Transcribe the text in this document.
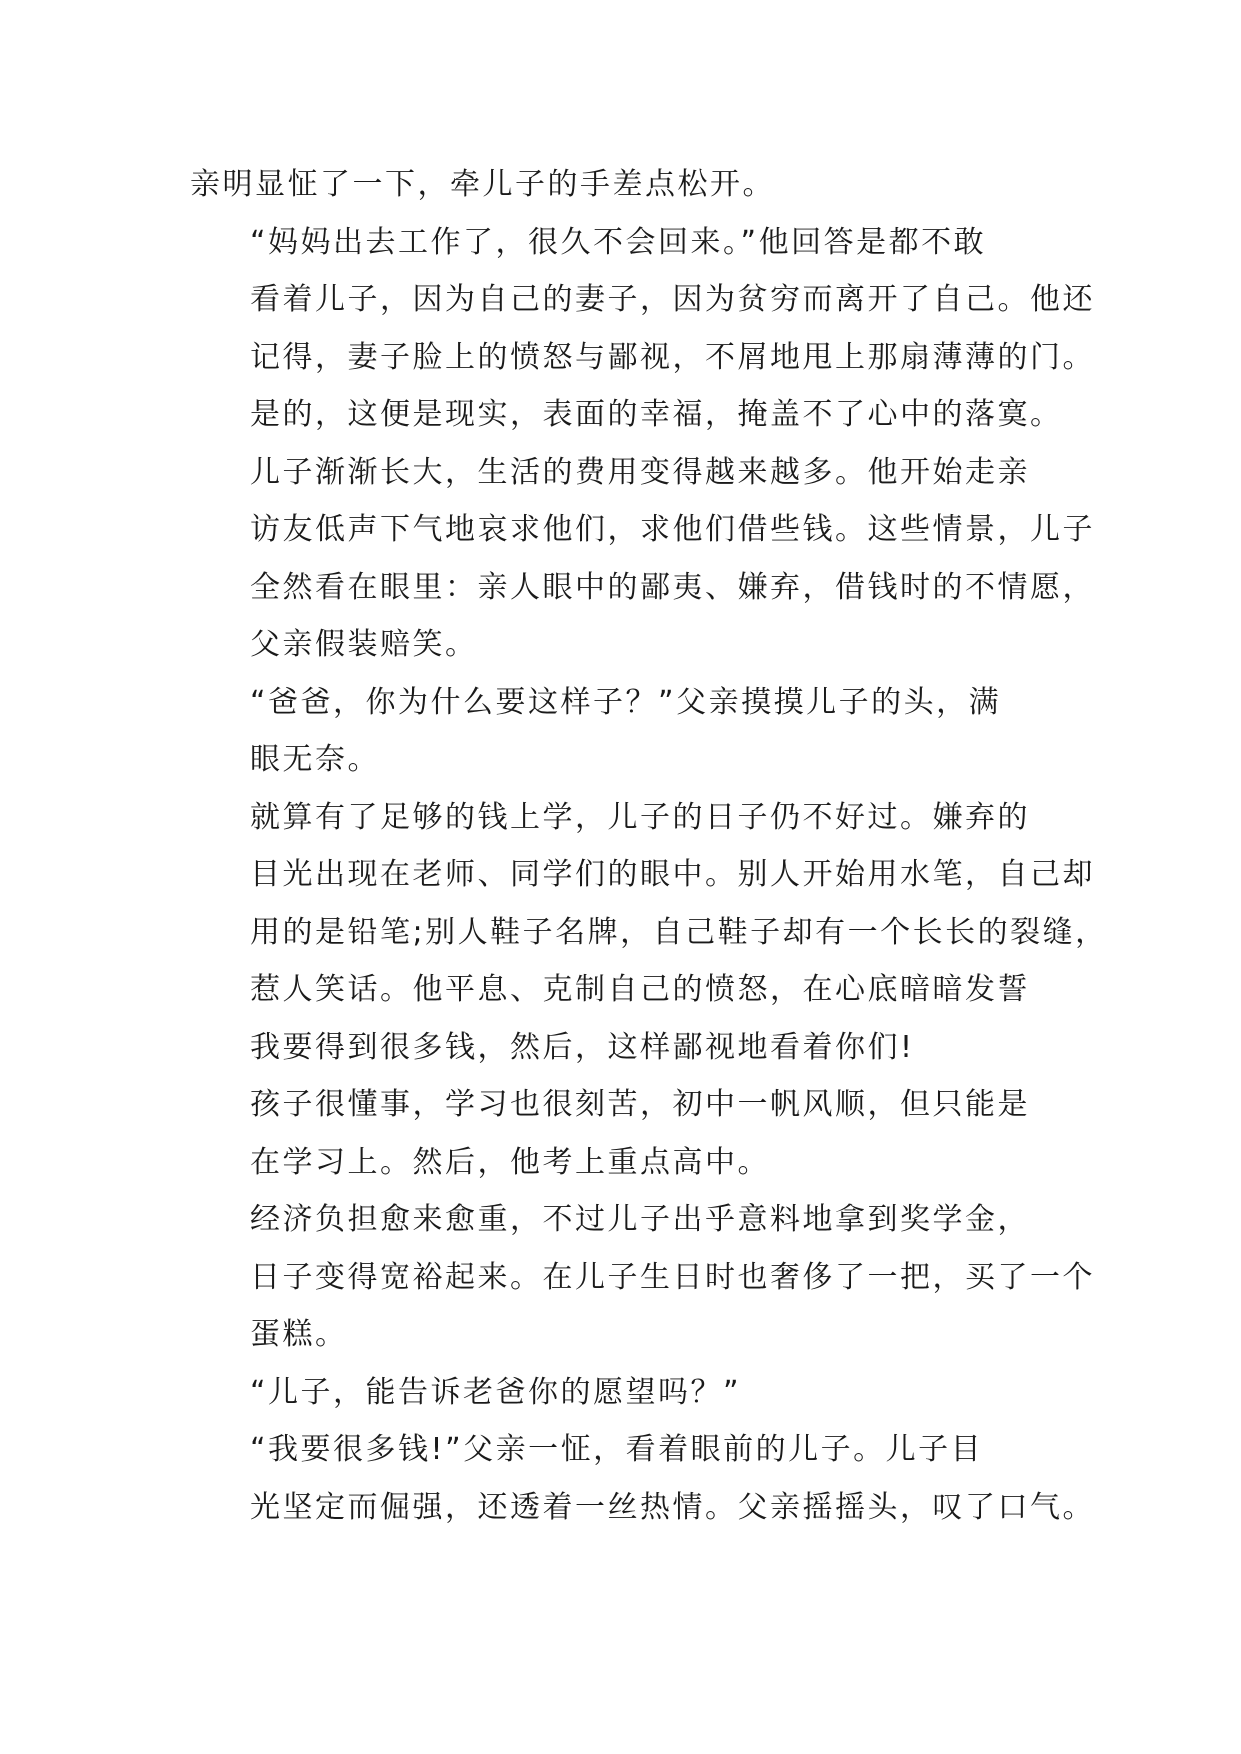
亲明显怔了一下，牵儿子的手差点松开。

“妈妈出去工作了，很久不会回来。”他回答是都不敢
看着儿子，因为自己的妻子，因为贫穷而离开了自己。他还
记得，妻子脸上的愤怒与鄙视，不屑地甩上那扇薄薄的门。
是的，这便是现实，表面的幸福，掩盖不了心中的落寞。

儿子渐渐长大，生活的费用变得越来越多。他开始走亲
访友低声下气地哀求他们，求他们借些钱。这些情景，儿子
全然看在眼里：亲人眼中的鄙夷、嫌弃，借钱时的不情愿，
父亲假装赔笑。

“爸爸，你为什么要这样子？”父亲摸摸儿子的头，满
眼无奈。

就算有了足够的钱上学，儿子的日子仍不好过。嫌弃的
目光出现在老师、同学们的眼中。别人开始用水笔，自己却
用的是铅笔;别人鞋子名牌，自己鞋子却有一个长长的裂缝，
惹人笑话。他平息、克制自己的愤怒，在心底暗暗发誓

我要得到很多钱，然后，这样鄙视地看着你们!

孩子很懂事，学习也很刻苦，初中一帆风顺，但只能是
在学习上。然后，他考上重点高中。

经济负担愈来愈重，不过儿子出乎意料地拿到奖学金，
日子变得宽裕起来。在儿子生日时也奢侈了一把，买了一个
蛋糕。

“儿子，能告诉老爸你的愿望吗？”

“我要很多钱!”父亲一怔，看着眼前的儿子。儿子目
光坚定而倔强，还透着一丝热情。父亲摇摇头，叹了口气。
